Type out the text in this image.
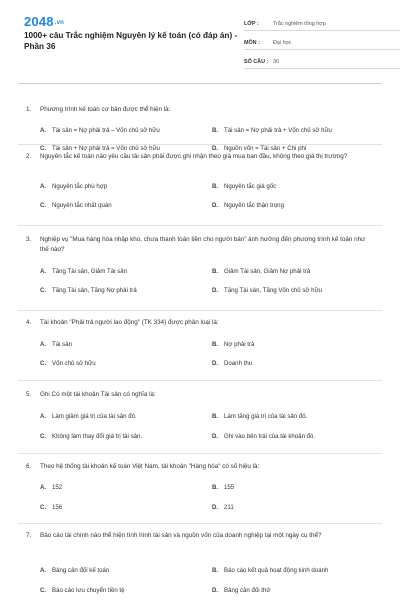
2048.vn
1000+ câu Trắc nghiệm Nguyên lý kế toán (có đáp án) - Phần 36
LỚP :	Trắc nghiệm tổng hợp
MÔN :	Đại học
SỐ CÂU : 30
1.	Phương trình kế toán cơ bản được thể hiện là:
A. Tài sản = Nợ phải trả – Vốn chủ sở hữu	B. Tài sản = Nợ phải trả + Vốn chủ sở hữu
C. Tài sản + Nợ phải trả = Vốn chủ sở hữu	D. Nguồn vốn = Tài sản + Chi phí
2.	Nguyên tắc kế toán nào yêu cầu tài sản phải được ghi nhận theo giá mua ban đầu, không theo giá thị trường?
A. Nguyên tắc phù hợp	B. Nguyên tắc giá gốc
C. Nguyên tắc nhất quán	D. Nguyên tắc thận trọng
3.	Nghiệp vụ "Mua hàng hóa nhập kho, chưa thanh toán tiền cho người bán" ảnh hưởng đến phương trình kế toán như thế nào?
A. Tăng Tài sản, Giảm Tài sản	B. Giảm Tài sản, Giảm Nợ phải trả
C. Tăng Tài sản, Tăng Nợ phải trả	D. Tăng Tài sản, Tăng Vốn chủ sở hữu
4.	Tài khoản "Phải trả người lao động" (TK 334) được phân loại là:
A. Tài sản	B. Nợ phải trả
C. Vốn chủ sở hữu	D. Doanh thu
5.	Ghi Có một tài khoản Tài sản có nghĩa là:
A. Làm giảm giá trị của tài sản đó.	B. Làm tăng giá trị của tài sản đó.
C. Không làm thay đổi giá trị tài sản.	D. Ghi vào bên trái của tài khoản đó.
6.	Theo hệ thống tài khoản kế toán Việt Nam, tài khoản "Hàng hóa" có số hiệu là:
A. 152	B. 155
C. 156	D. 211
7.	Báo cáo tài chính nào thể hiện tình hình tài sản và nguồn vốn của doanh nghiệp tại một ngày cụ thể?
A. Bảng cân đối kế toán	B. Báo cáo kết quả hoạt động kinh doanh
C. Báo cáo lưu chuyển tiền tệ	D. Bảng cân đối thử
